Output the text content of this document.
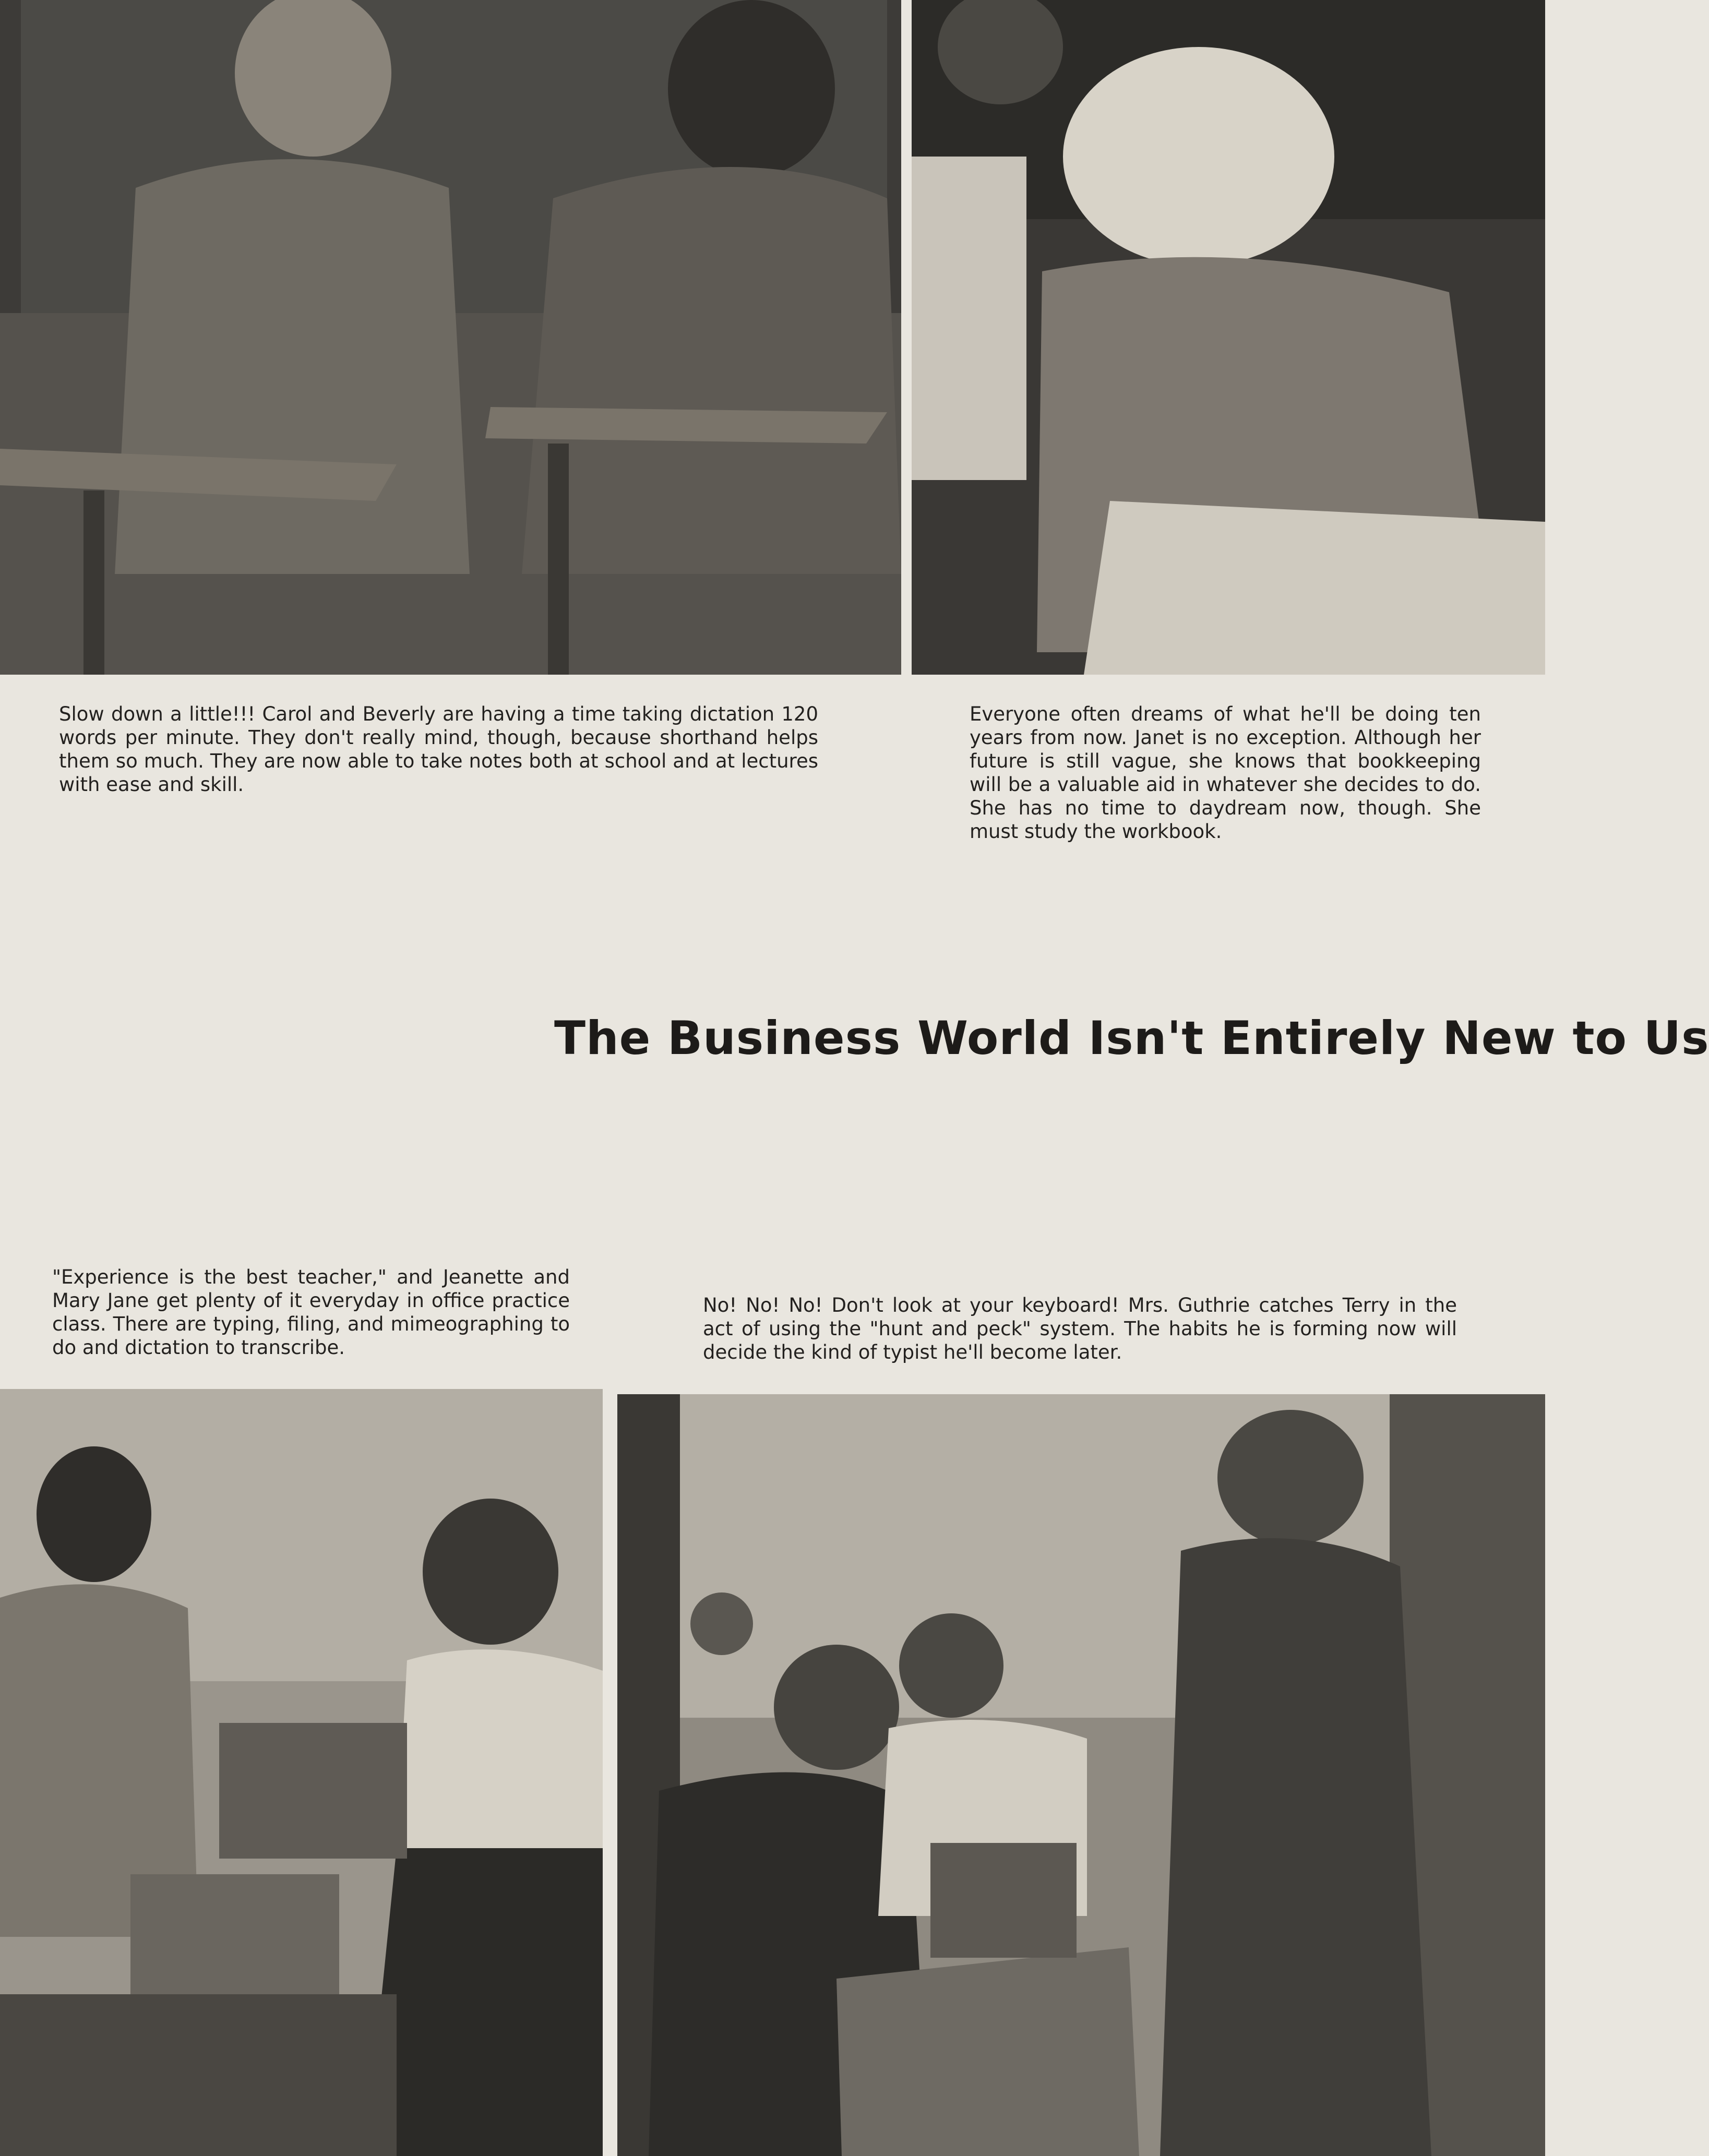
Slow down a little!!! Carol and Beverly are having a time taking dictation 120 words per minute. They don't really mind, though, because shorthand helps them so much. They are now able to take notes both at school and at lectures with ease and skill.

Everyone often dreams of what he'll be doing ten years from now. Janet is no exception. Although her future is still vague, she knows that bookkeeping will be a valuable aid in whatever she decides to do. She has no time to daydream now, though. She must study the workbook.

The Business World Isn't Entirely New to Us

"Experience is the best teacher," and Jeanette and Mary Jane get plenty of it everyday in office practice class. There are typing, filing, and mimeographing to do and dictation to transcribe.

No! No! No! Don't look at your keyboard! Mrs. Guthrie catches Terry in the act of using the "hunt and peck" system. The habits he is forming now will decide the kind of typist he'll become later.
